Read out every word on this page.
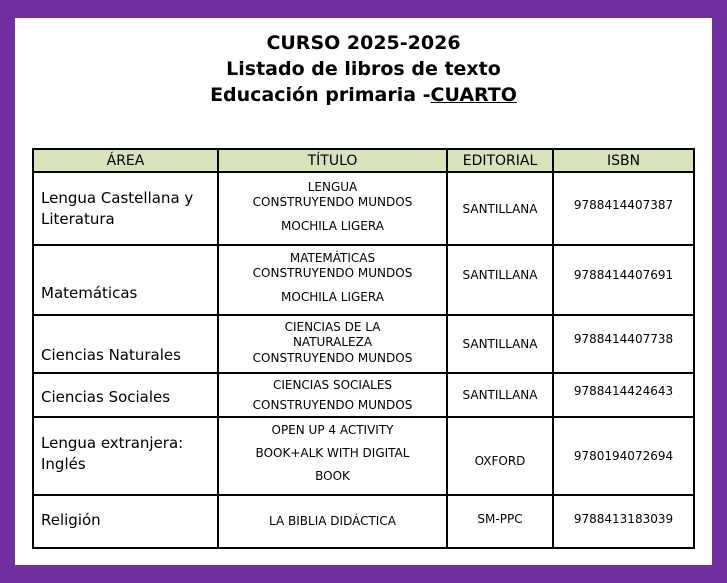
CURSO 2025-2026
Listado de libros de texto
Educación primaria -CUARTO
ÁREA	TÍTULO	EDITORIAL	ISBN
Lengua Castellana y Literatura	LENGUA
CONSTRUYENDO MUNDOS
MOCHILA LIGERA	SANTILLANA	9788414407387
Matemáticas	MATEMÁTICAS
CONSTRUYENDO MUNDOS
MOCHILA LIGERA	SANTILLANA	9788414407691
Ciencias Naturales	CIENCIAS DE LA
NATURALEZA
CONSTRUYENDO MUNDOS	SANTILLANA	9788414407738
Ciencias Sociales	CIENCIAS SOCIALES
CONSTRUYENDO MUNDOS	SANTILLANA	9788414424643
Lengua extranjera: Inglés	OPEN UP 4 ACTIVITY
BOOK+ALK WITH DIGITAL
BOOK	OXFORD	9780194072694
Religión	LA BIBLIA DIDÁCTICA	SM-PPC	9788413183039
